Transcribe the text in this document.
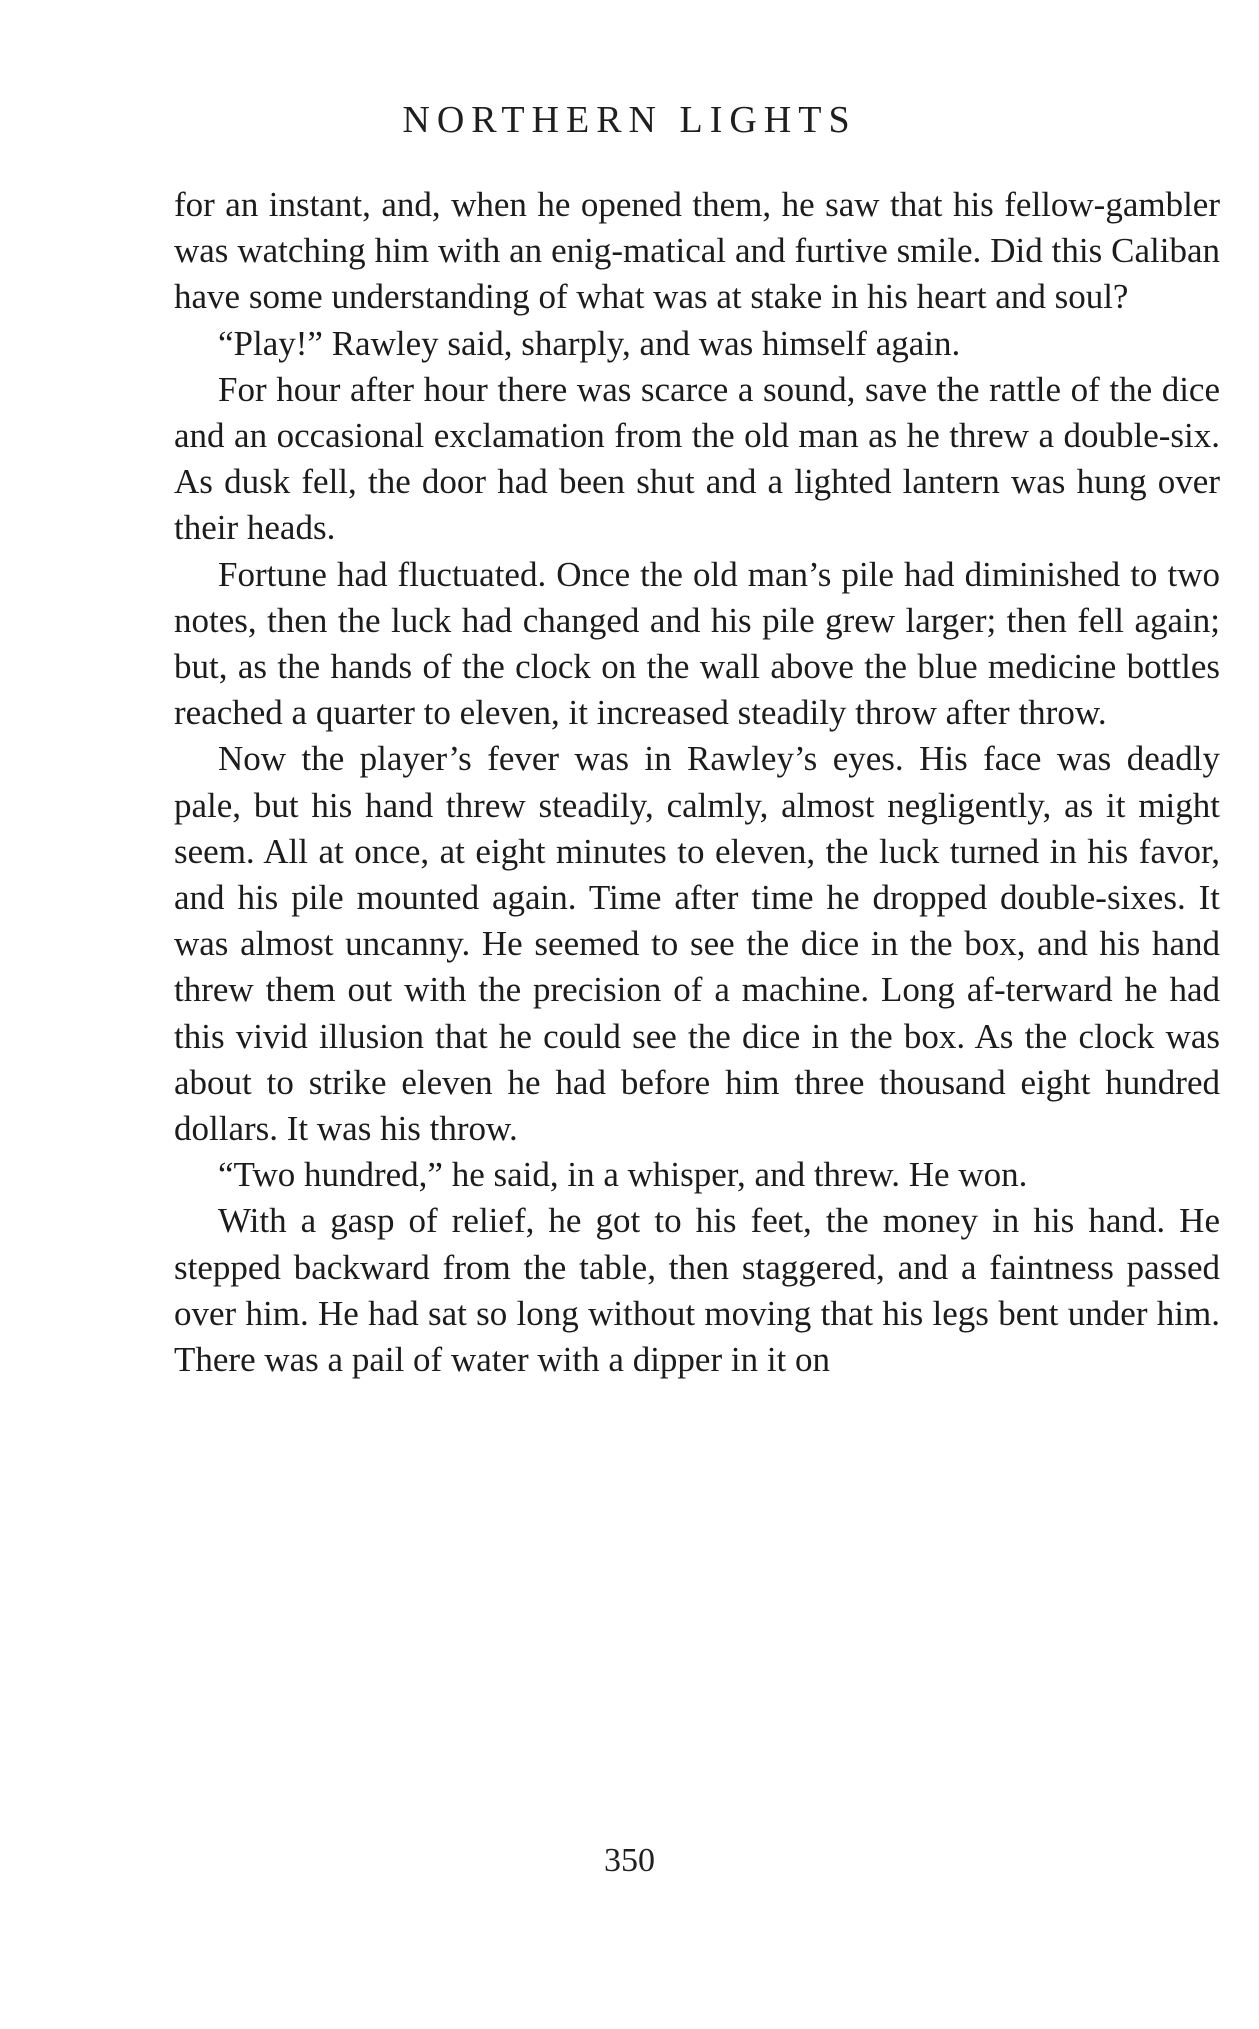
NORTHERN LIGHTS

for an instant, and, when he opened them, he saw that his fellow-gambler was watching him with an enig-matical and furtive smile. Did this Caliban have some understanding of what was at stake in his heart and soul?

“Play!” Rawley said, sharply, and was himself again.

For hour after hour there was scarce a sound, save the rattle of the dice and an occasional exclamation from the old man as he threw a double-six. As dusk fell, the door had been shut and a lighted lantern was hung over their heads.

Fortune had fluctuated. Once the old man’s pile had diminished to two notes, then the luck had changed and his pile grew larger; then fell again; but, as the hands of the clock on the wall above the blue medicine bottles reached a quarter to eleven, it increased steadily throw after throw.

Now the player’s fever was in Rawley’s eyes. His face was deadly pale, but his hand threw steadily, calmly, almost negligently, as it might seem. All at once, at eight minutes to eleven, the luck turned in his favor, and his pile mounted again. Time after time he dropped double-sixes. It was almost uncanny. He seemed to see the dice in the box, and his hand threw them out with the precision of a machine. Long af-terward he had this vivid illusion that he could see the dice in the box. As the clock was about to strike eleven he had before him three thousand eight hundred dollars. It was his throw.

“Two hundred,” he said, in a whisper, and threw. He won.

With a gasp of relief, he got to his feet, the money in his hand. He stepped backward from the table, then staggered, and a faintness passed over him. He had sat so long without moving that his legs bent under him. There was a pail of water with a dipper in it on

350
